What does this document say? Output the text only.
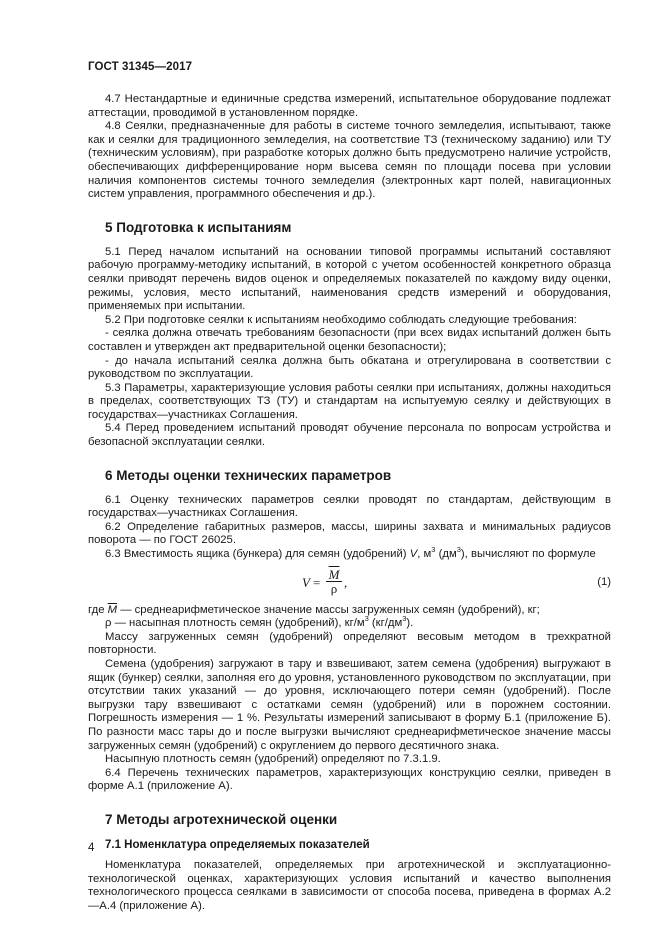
ГОСТ 31345—2017

4.7 Нестандартные и единичные средства измерений, испытательное оборудование подлежат аттестации, проводимой в установленном порядке.

4.8 Сеялки, предназначенные для работы в системе точного земледелия, испытывают, также как и сеялки для традиционного земледелия, на соответствие ТЗ (техническому заданию) или ТУ (техническим условиям), при разработке которых должно быть предусмотрено наличие устройств, обеспечивающих дифференцирование норм высева семян по площади посева при условии наличия компонентов системы точного земледелия (электронных карт полей, навигационных систем управления, программного обеспечения и др.).

5 Подготовка к испытаниям

5.1 Перед началом испытаний на основании типовой программы испытаний составляют рабочую программу-методику испытаний, в которой с учетом особенностей конкретного образца сеялки приводят перечень видов оценок и определяемых показателей по каждому виду оценки, режимы, условия, место испытаний, наименования средств измерений и оборудования, применяемых при испытании.

5.2 При подготовке сеялки к испытаниям необходимо соблюдать следующие требования:

- сеялка должна отвечать требованиям безопасности (при всех видах испытаний должен быть составлен и утвержден акт предварительной оценки безопасности);

- до начала испытаний сеялка должна быть обкатана и отрегулирована в соответствии с руководством по эксплуатации.

5.3 Параметры, характеризующие условия работы сеялки при испытаниях, должны находиться в пределах, соответствующих ТЗ (ТУ) и стандартам на испытуемую сеялку и действующих в государствах—участниках Соглашения.

5.4 Перед проведением испытаний проводят обучение персонала по вопросам устройства и безопасной эксплуатации сеялки.

6 Методы оценки технических параметров

6.1 Оценку технических параметров сеялки проводят по стандартам, действующим в государствах—участниках Соглашения.

6.2 Определение габаритных размеров, массы, ширины захвата и минимальных радиусов поворота — по ГОСТ 26025.

6.3 Вместимость ящика (бункера) для семян (удобрений) V, $м^3$ $(дм^3)$, вычисляют по формуле

$V = \frac{\overline{M}}{\rho}$ ,	(1)

где $\overline{M}$ — среднеарифметическое значение массы загруженных семян (удобрений), кг;

ρ — насыпная плотность семян (удобрений), $кг/м^3$ $(кг/дм^3)$.

Массу загруженных семян (удобрений) определяют весовым методом в трехкратной повторности.

Семена (удобрения) загружают в тару и взвешивают, затем семена (удобрения) выгружают в ящик (бункер) сеялки, заполняя его до уровня, установленного руководством по эксплуатации, при отсутствии таких указаний — до уровня, исключающего потери семян (удобрений). После выгрузки тару взвешивают с остатками семян (удобрений) или в порожнем состоянии. Погрешность измерения — 1 %. Результаты измерений записывают в форму Б.1 (приложение Б). По разности масс тары до и после выгрузки вычисляют среднеарифметическое значение массы загруженных семян (удобрений) с округлением до первого десятичного знака.

Насыпную плотность семян (удобрений) определяют по 7.3.1.9.

6.4 Перечень технических параметров, характеризующих конструкцию сеялки, приведен в форме А.1 (приложение А).

7 Методы агротехнической оценки
7.1 Номенклатура определяемых показателей

Номенклатура показателей, определяемых при агротехнической и эксплуатационно-технологической оценках, характеризующих условия испытаний и качество выполнения технологического процесса сеялками в зависимости от способа посева, приведена в формах А.2—А.4 (приложение А).

4
